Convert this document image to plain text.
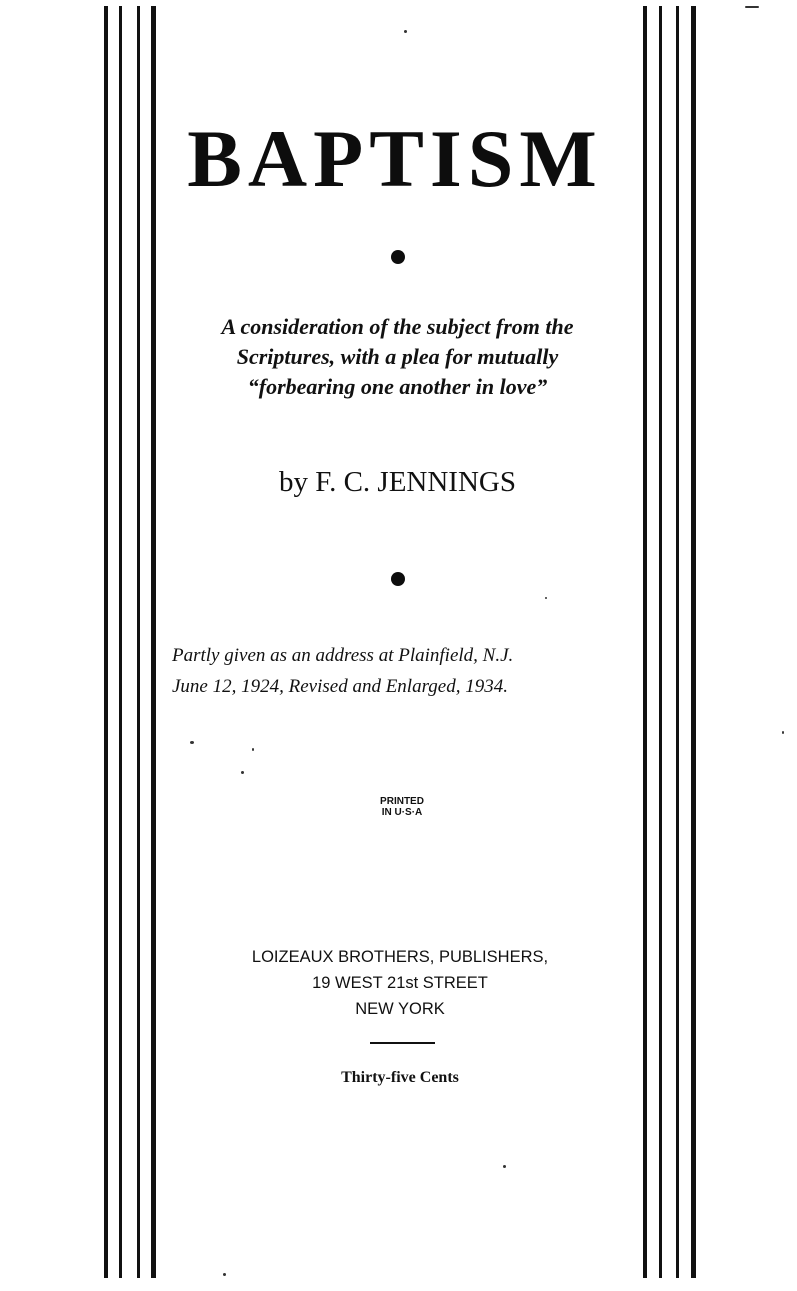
BAPTISM
A consideration of the subject from the
Scriptures, with a plea for mutually
“forbearing one another in love”
by F. C. JENNINGS
Partly given as an address at Plainfield, N.J.
June 12, 1924, Revised and Enlarged, 1934.
PRINTED
IN U·S·A
LOIZEAUX BROTHERS, PUBLISHERS,
19 WEST 21st STREET
NEW YORK
Thirty-five Cents
